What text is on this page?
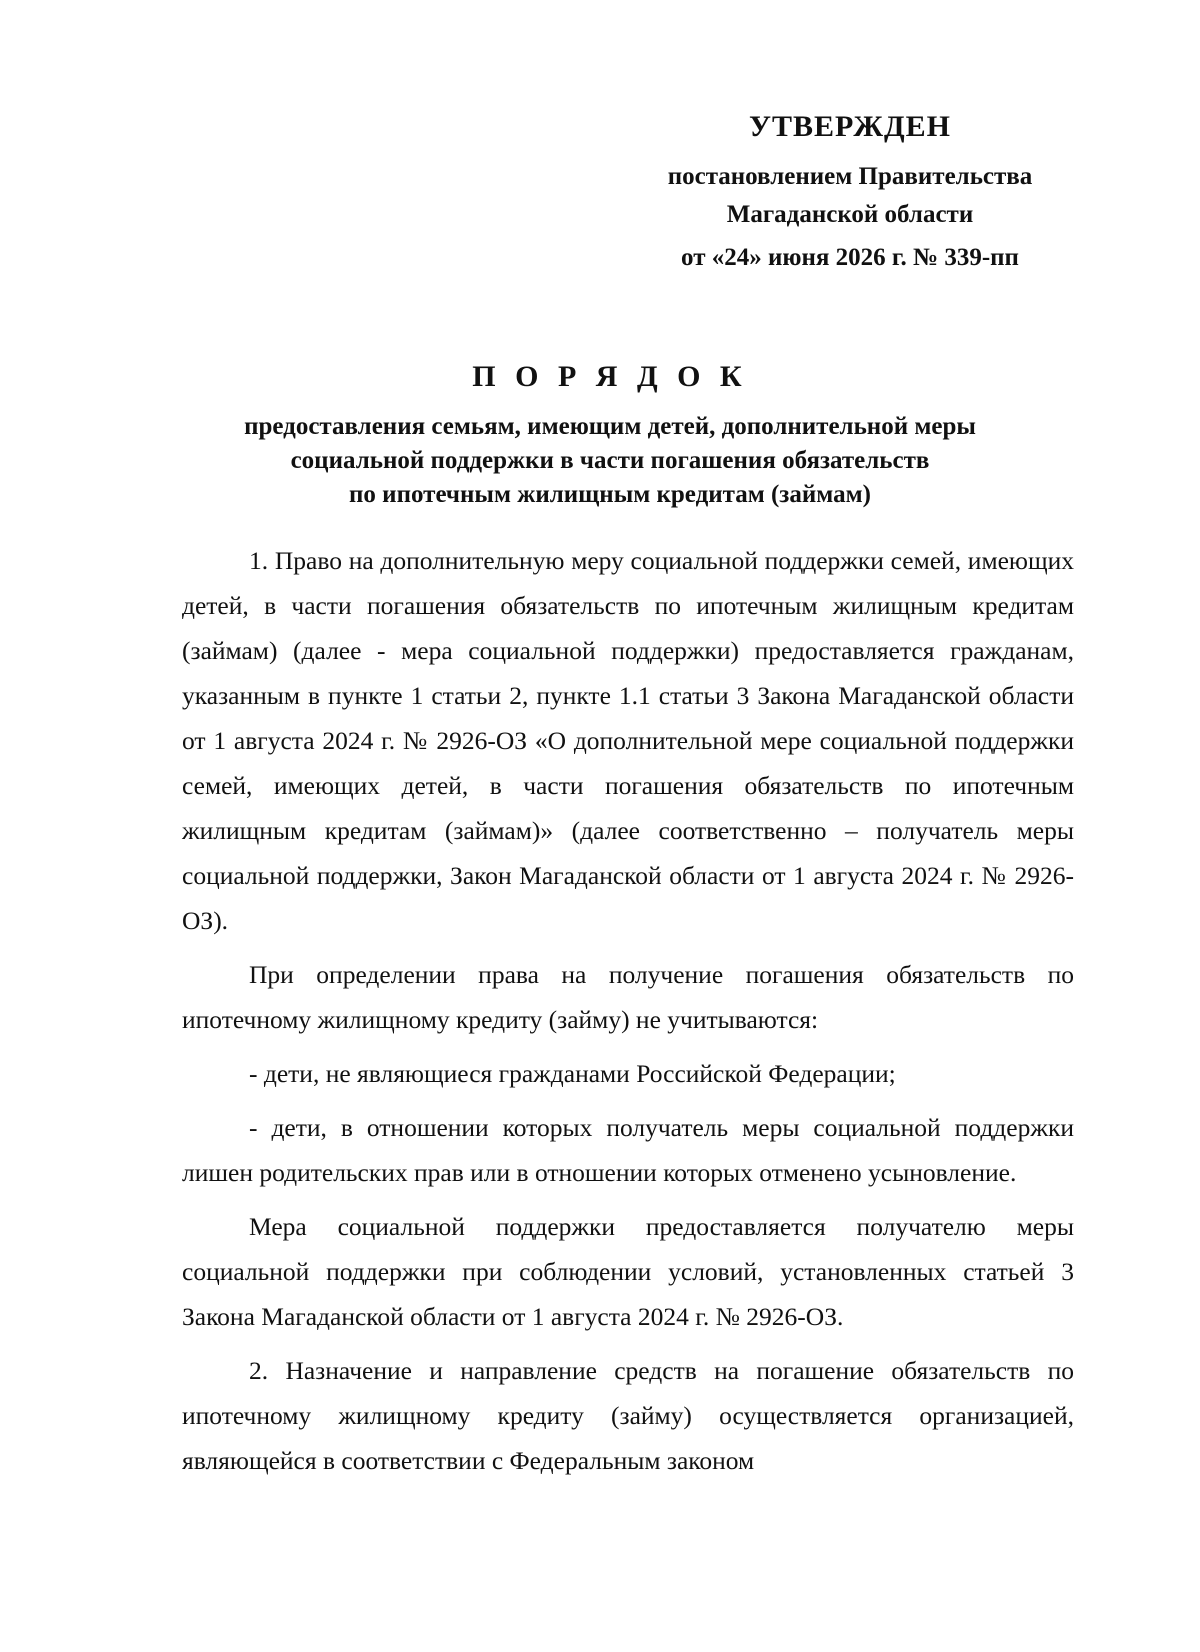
УТВЕРЖДЕН
постановлением Правительства
Магаданской области
от «24» июня 2026 г. № 339-пп
П О Р Я Д О К
предоставления семьям, имеющим детей, дополнительной меры
социальной поддержки в части погашения обязательств
по ипотечным жилищным кредитам (займам)

1. Право на дополнительную меру социальной поддержки семей, имеющих детей, в части погашения обязательств по ипотечным жилищным кредитам (займам) (далее - мера социальной поддержки) предоставляется гражданам, указанным в пункте 1 статьи 2, пункте 1.1 статьи 3 Закона Магаданской области от 1 августа 2024 г. № 2926-ОЗ «О дополнительной мере социальной поддержки семей, имеющих детей, в части погашения обязательств по ипотечным жилищным кредитам (займам)» (далее соответственно – получатель меры социальной поддержки, Закон Магаданской области от 1 августа 2024 г. № 2926-ОЗ).

При определении права на получение погашения обязательств по ипотечному жилищному кредиту (займу) не учитываются:

- дети, не являющиеся гражданами Российской Федерации;

- дети, в отношении которых получатель меры социальной поддержки лишен родительских прав или в отношении которых отменено усыновление.

Мера социальной поддержки предоставляется получателю меры социальной поддержки при соблюдении условий, установленных статьей 3 Закона Магаданской области от 1 августа 2024 г. № 2926-ОЗ.

2. Назначение и направление средств на погашение обязательств по ипотечному жилищному кредиту (займу) осуществляется организацией, являющейся в соответствии с Федеральным законом
